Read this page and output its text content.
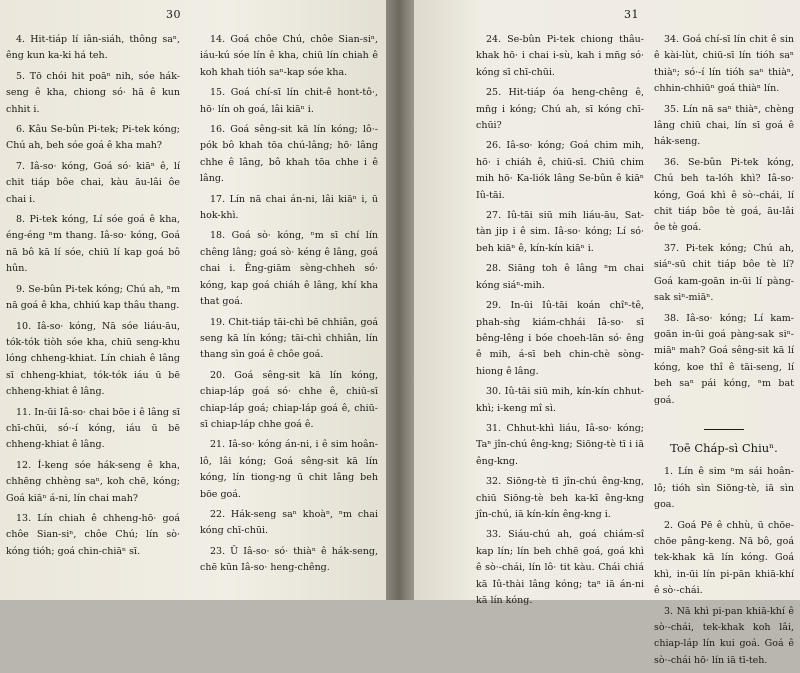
30

4. Hit-tiáp lí iân-siáh, thông saⁿ, êng kun ka-ki há teh.

5. Tō chói hit poāⁿ nih, sóe hák-seng ê kha, chiong só· hā ê kun chhit i.

6. Kâu Se-bûn Pi-tek; Pi-tek kóng; Chú ah, beh sóe goá ê kha mah?

7. Iâ-so· kóng, Goá só· kiāⁿ ê, lí chit tiáp bôe chai, kàu āu-lâi ôe chai i.

8. Pi-tek kóng, Lí sóe goá ê kha, éng-éng ⁿm thang. Iâ-so· kóng, Goá nā bô kā lí sóe, chiū lí kap goá bô hûn.

9. Se-bûn Pi-tek kóng; Chú ah, ⁿm nā goá ê kha, chhiú kap thâu thang.

10. Iâ-so· kóng, Nā sóe liáu-āu, tók-tók tiòh sóe kha, chiū seng-khu lóng chheng-khiat. Lín chiah ê lâng sī chheng-khiat, tók-tók iáu ū bē chheng-khiat ê lâng.

11. In-ūi Iâ-so· chai bōe i ê lâng sī chī-chūi, só·-í kóng, iáu ū bē chheng-khiat ê lâng.

12. Í-keng sóe hák-seng ê kha, chhēng chhèng saⁿ, koh chē, kóng; Goá kiāⁿ á-ni, lín chai mah?

13. Lín chiah ê chheng-hō· goá chôe Sian-siⁿ, chôe Chú; lín sò· kóng tióh; goá chin-chiāⁿ sī.

14. Goá chôe Chú, chôe Sian-siⁿ, iáu-kú sóe lín ê kha, chiū lín chiah ê koh khah tióh saⁿ-kap sóe kha.

15. Goá chí-sī lín chit-ê hont-tô·, hō· lín oh goá, lâi kiāⁿ i.

16. Goá sêng-sit kā lín kóng; lô·-pók bô khah tōa chú-lâng; hō· lâng chhe ê lâng, bô khah tōa chhe i ê lâng.

17. Lín nā chai án-ni, lâi kiāⁿ i, ū hok-khì.

18. Goá sò· kóng, ⁿm sī chí lín chêng lâng; goá sò· kéng ê lâng, goá chai i. Êng-giām sèng-chheh só· kóng, kap goá chiáh ê lâng, khí kha that goá.

19. Chit-tiáp tāi-chì bē chhiân, goá seng kā lín kóng; tāi-chì chhiân, lín thang sìn goá ê chôe goá.

20. Goá sêng-sit kā lín kóng, chiap-láp goá só· chhe ê, chiū-sī chiap-láp goá; chiap-láp goá ê, chiū-sī chiap-láp chhe goá ê.

21. Iâ-so· kóng án-ni, i ê sim hoân-lô, lâi kóng; Goá sêng-sit kā lín kóng, lín tiong-ng ū chit lâng beh bōe goá.

22. Hák-seng saⁿ khoàⁿ, ⁿm chai kóng chī-chūi.

23. Ū Iâ-so· só· thiàⁿ ê hák-seng, chē kūn Iâ-so· heng-chêng.

31

24. Se-bûn Pi-tek chiong thâu-khak hō· i chai i-sù, kah i mn̄g só· kóng sī chī-chūi.

25. Hit-tiáp óa heng-chêng ê, mn̄g i kóng; Chú ah, sī kóng chī-chūi?

26. Iâ-so· kóng; Goá chim mih, hō· i chiáh ê, chiū-sī. Chiū chim mih hō· Ka-liók lâng Se-bûn ê kiāⁿ Iû-tāi.

27. Iû-tāi siū mih liáu-āu, Sat-tàn jip i ê sim. Iâ-so· kóng; Lí só· beh kiāⁿ ê, kín-kín kiāⁿ i.

28. Siāng toh ê lâng ⁿm chai kóng siáⁿ-mih.

29. In-ūi Iû-tāi koán chîⁿ-tê, phah-sǹg kiám-chhái Iâ-so· sī bêng-lêng i bóe choeh-lān só· êng ê mih, á-sī beh chin-chè sòng-hiong ê lâng.

30. Iû-tāi siū mih, kín-kín chhut-khì; i-keng mî sì.

31. Chhut-khì liáu, Iâ-so· kóng; Taⁿ jîn-chú êng-kng; Siōng-tè tī i iā êng-kng.

32. Siōng-tè tī jîn-chú êng-kng, chiū Siōng-tè beh ka-kī êng-kng jîn-chú, iā kín-kín êng-kng i.

33. Siáu-chú ah, goá chiám-sî kap lín; lín beh chhē goá, goá khì ê sò·-chái, lín lô· tit kàu. Chái chiá kā Iû-thài lâng kóng; taⁿ iā án-ni kā lín kóng.

34. Goá chí-sī lín chit ê sin ê kài-lùt, chiū-sī lín tióh saⁿ thiàⁿ; só·-í lín tióh saⁿ thiàⁿ, chhin-chhiūⁿ goá thiàⁿ lín.

35. Lín nā saⁿ thiàⁿ, chèng lâng chiū chai, lín sī goá ê hák-seng.

36. Se-bûn Pi-tek kóng, Chú beh ta-lóh khì? Iâ-so· kóng, Goá khì ê sò·-chái, lí chit tiáp bôe tè goá, āu-lâi ôe tè goá.

37. Pi-tek kóng; Chú ah, siáⁿ-sū chit tiáp bôe tè lí? Goá kam-goān in-ūi lí pàng-sak siⁿ-miāⁿ.

38. Iâ-so· kóng; Lí kam-goān in-ūi goá pàng-sak siⁿ-miāⁿ mah? Goá sêng-sit kā lí kóng, koe thî ê tāi-seng, lí beh saⁿ pái kóng, ⁿm bat goá.

Toē Cháp-sì Chiuⁿ.

1. Lín ê sim ⁿm sái hoân-lô; tióh sìn Siōng-tè, iā sìn goa.

2. Goá Pē ê chhù, ū chōe-chōe pâng-keng. Nā bô, goá tek-khak kā lín kóng. Goá khì, in-ūi lín pi-pān khiā-khí ê sò·-chái.

3. Nā khì pi-pan khiā-khí ê sò·-chái, tek-khak koh lâi, chiap-láp lín kui goá. Goá ê sò·-chái hō· lín iā tī-teh.
